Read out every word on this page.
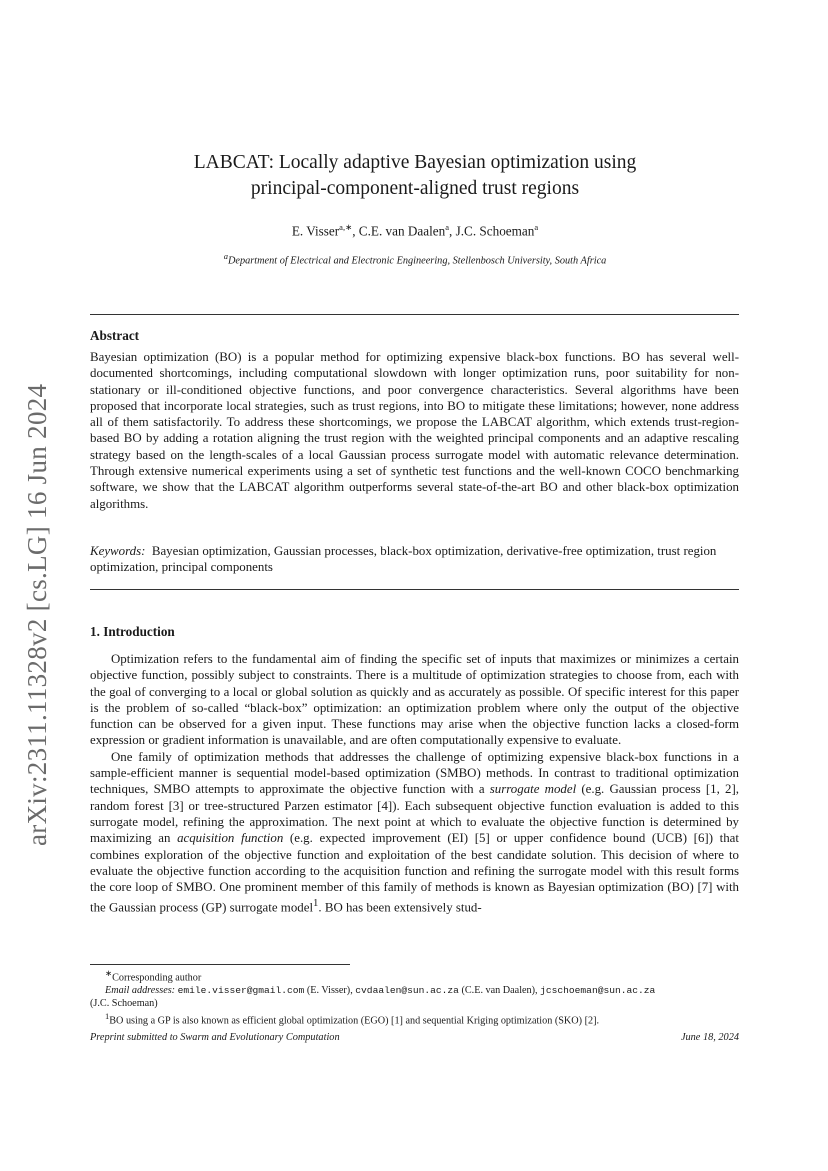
arXiv:2311.11328v2 [cs.LG] 16 Jun 2024
LABCAT: Locally adaptive Bayesian optimization using
principal-component-aligned trust regions
E. Visser$^{a,∗}$, C.E. van Daalen$^a$, J.C. Schoeman$^a$
$^a$Department of Electrical and Electronic Engineering, Stellenbosch University, South Africa
Abstract
Bayesian optimization (BO) is a popular method for optimizing expensive black-box functions. BO has several well-documented shortcomings, including computational slowdown with longer optimization runs, poor suitability for non-stationary or ill-conditioned objective functions, and poor convergence characteristics. Several algorithms have been proposed that incorporate local strategies, such as trust regions, into BO to mitigate these limitations; however, none address all of them satisfactorily. To address these shortcomings, we propose the LABCAT algorithm, which extends trust-region-based BO by adding a rotation aligning the trust region with the weighted principal components and an adaptive rescaling strategy based on the length-scales of a local Gaussian process surrogate model with automatic relevance determination. Through extensive numerical experiments using a set of synthetic test functions and the well-known COCO benchmarking software, we show that the LABCAT algorithm outperforms several state-of-the-art BO and other black-box optimization algorithms.
Keywords: Bayesian optimization, Gaussian processes, black-box optimization, derivative-free optimization, trust region optimization, principal components
1. Introduction

Optimization refers to the fundamental aim of finding the specific set of inputs that maximizes or minimizes a certain objective function, possibly subject to constraints. There is a multitude of optimization strategies to choose from, each with the goal of converging to a local or global solution as quickly and as accurately as possible. Of specific interest for this paper is the problem of so-called “black-box” optimization: an optimization problem where only the output of the objective function can be observed for a given input. These functions may arise when the objective function lacks a closed-form expression or gradient information is unavailable, and are often computationally expensive to evaluate.

One family of optimization methods that addresses the challenge of optimizing expensive black-box functions in a sample-efficient manner is sequential model-based optimization (SMBO) methods. In contrast to traditional optimization techniques, SMBO attempts to approximate the objective function with a surrogate model (e.g. Gaussian process [1, 2], random forest [3] or tree-structured Parzen estimator [4]). Each subsequent objective function evaluation is added to this surrogate model, refining the approximation. The next point at which to evaluate the objective function is determined by maximizing an acquisition function (e.g. expected improvement (EI) [5] or upper confidence bound (UCB) [6]) that combines exploration of the objective function and exploitation of the best candidate solution. This decision of where to evaluate the objective function according to the acquisition function and refining the surrogate model with this result forms the core loop of SMBO. One prominent member of this family of methods is known as Bayesian optimization (BO) [7] with the Gaussian process (GP) surrogate model$^1$. BO has been extensively stud-

∗Corresponding author

Email addresses: emile.visser@gmail.com (E. Visser), cvdaalen@sun.ac.za (C.E. van Daalen), jcschoeman@sun.ac.za

(J.C. Schoeman)

$^1$BO using a GP is also known as efficient global optimization (EGO) [1] and sequential Kriging optimization (SKO) [2].

Preprint submitted to Swarm and Evolutionary Computation	June 18, 2024
